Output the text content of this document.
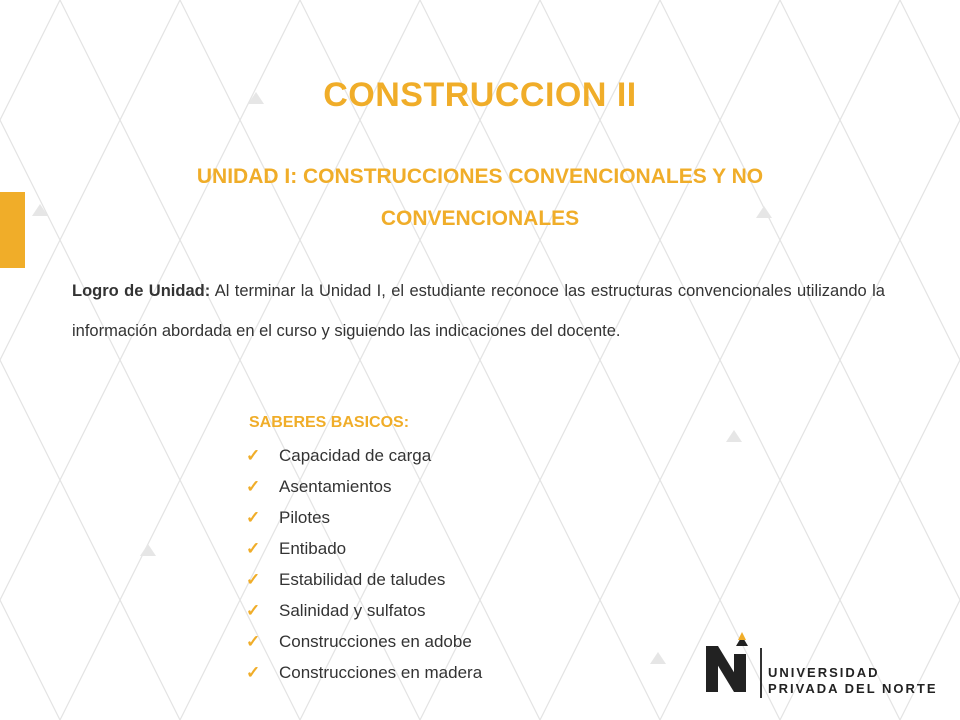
CONSTRUCCION II
UNIDAD I: CONSTRUCCIONES CONVENCIONALES Y NO
CONVENCIONALES
Logro de Unidad: Al terminar la Unidad I, el estudiante reconoce las estructuras convencionales utilizando la información abordada en el curso y siguiendo las indicaciones del docente.
SABERES BASICOS:
✓	Capacidad de carga
✓	Asentamientos
✓	Pilotes
✓	Entibado
✓	Estabilidad de taludes
✓	Salinidad y sulfatos
✓	Construcciones en adobe
✓	Construcciones en madera	UNIVERSIDAD
PRIVADA DEL NORTE
